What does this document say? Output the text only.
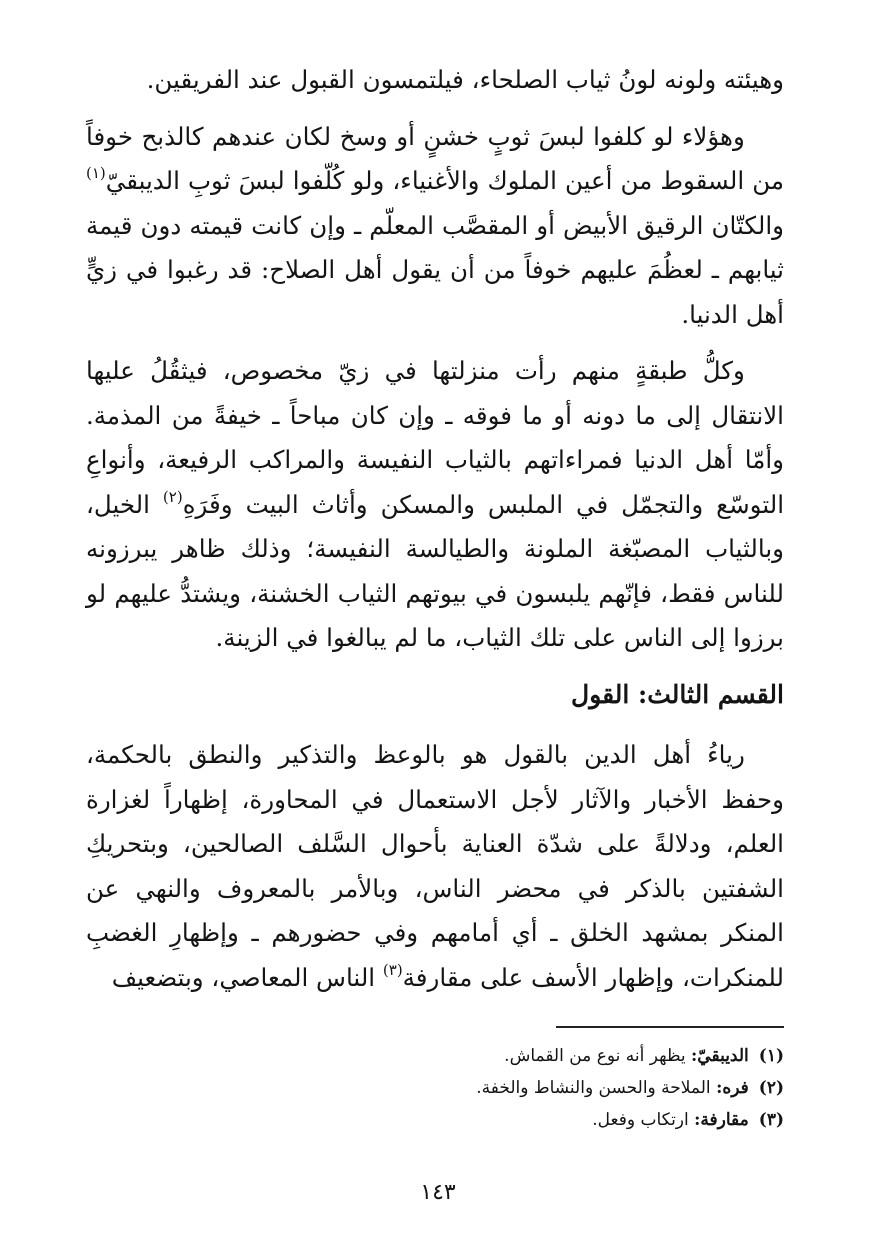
وهيئته ولونه لونُ ثياب الصلحاء، فيلتمسون القبول عند الفريقين.

وهؤلاء لو كلفوا لبسَ ثوبٍ خشنٍ أو وسخ لكان عندهم كالذبح خوفاً من السقوط من أعين الملوك والأغنياء، ولو كُلّفوا لبسَ ثوبِ الديبقيّ$^{(١)}$ والكتّان الرقيق الأبيض أو المقصَّب المعلّم ـ وإن كانت قيمته دون قيمة ثيابهم ـ لعظُمَ عليهم خوفاً من أن يقول أهل الصلاح: قد رغبوا في زيٍّ أهل الدنيا.

وكلُّ طبقةٍ منهم رأت منزلتها في زيّ مخصوص، فيثقُلُ عليها الانتقال إلى ما دونه أو ما فوقه ـ وإن كان مباحاً ـ خيفةً من المذمة. وأمّا أهل الدنيا فمراءاتهم بالثياب النفيسة والمراكب الرفيعة، وأنواعِ التوسّع والتجمّل في الملبس والمسكن وأثاث البيت وفَرَهِ$^{(٢)}$ الخيل، وبالثياب المصبّغة الملونة والطيالسة النفيسة؛ وذلك ظاهر يبرزونه للناس فقط، فإنّهم يلبسون في بيوتهم الثياب الخشنة، ويشتدُّ عليهم لو برزوا إلى الناس على تلك الثياب، ما لم يبالغوا في الزينة.

القسم الثالث: القول

رياءُ أهل الدين بالقول هو بالوعظ والتذكير والنطق بالحكمة، وحفظ الأخبار والآثار لأجل الاستعمال في المحاورة، إظهاراً لغزارة العلم، ودلالةً على شدّة العناية بأحوال السَّلف الصالحين، وبتحريكِ الشفتين بالذكر في محضر الناس، وبالأمر بالمعروف والنهي عن المنكر بمشهد الخلق ـ أي أمامهم وفي حضورهم ـ وإظهارِ الغضبِ للمنكرات، وإظهار الأسف على مقارفة$^{(٣)}$ الناس المعاصي، وبتضعيف

(١)الديبقيّ: يظهر أنه نوع من القماش.
(٢)فره: الملاحة والحسن والنشاط والخفة.
(٣)مقارفة: ارتكاب وفعل.
١٤٣
